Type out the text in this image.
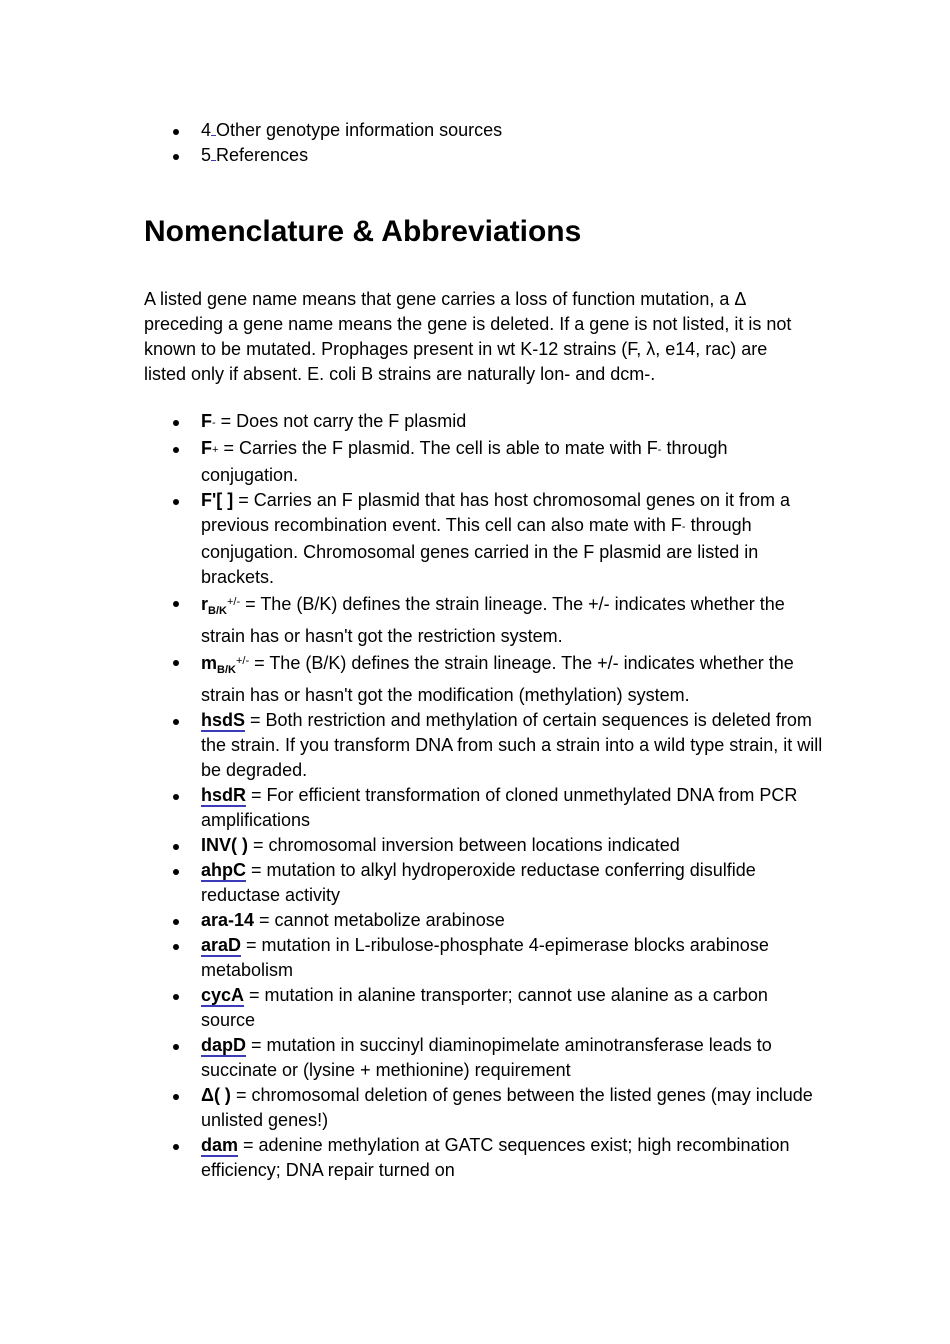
4 Other genotype information sources
5 References
Nomenclature & Abbreviations

A listed gene name means that gene carries a loss of function mutation, a Δ preceding a gene name means the gene is deleted. If a gene is not listed, it is not known to be mutated. Prophages present in wt K-12 strains (F, λ, e14, rac) are listed only if absent. E. coli B strains are naturally lon- and dcm-.

F- = Does not carry the F plasmid
F+ = Carries the F plasmid. The cell is able to mate with F- through conjugation.
F'[ ] = Carries an F plasmid that has host chromosomal genes on it from a previous recombination event. This cell can also mate with F- through conjugation. Chromosomal genes carried in the F plasmid are listed in brackets.
$r_{B/K}^{+/-}$ = The (B/K) defines the strain lineage. The +/- indicates whether the strain has or hasn't got the restriction system.
$m_{B/K}^{+/-}$ = The (B/K) defines the strain lineage. The +/- indicates whether the strain has or hasn't got the modification (methylation) system.
hsdS = Both restriction and methylation of certain sequences is deleted from the strain. If you transform DNA from such a strain into a wild type strain, it will be degraded.
hsdR = For efficient transformation of cloned unmethylated DNA from PCR amplifications
INV( ) = chromosomal inversion between locations indicated
ahpC = mutation to alkyl hydroperoxide reductase conferring disulfide reductase activity
ara-14 = cannot metabolize arabinose
araD = mutation in L-ribulose-phosphate 4-epimerase blocks arabinose metabolism
cycA = mutation in alanine transporter; cannot use alanine as a carbon source
dapD = mutation in succinyl diaminopimelate aminotransferase leads to succinate or (lysine + methionine) requirement
Δ( ) = chromosomal deletion of genes between the listed genes (may include unlisted genes!)
dam = adenine methylation at GATC sequences exist; high recombination efficiency; DNA repair turned on
